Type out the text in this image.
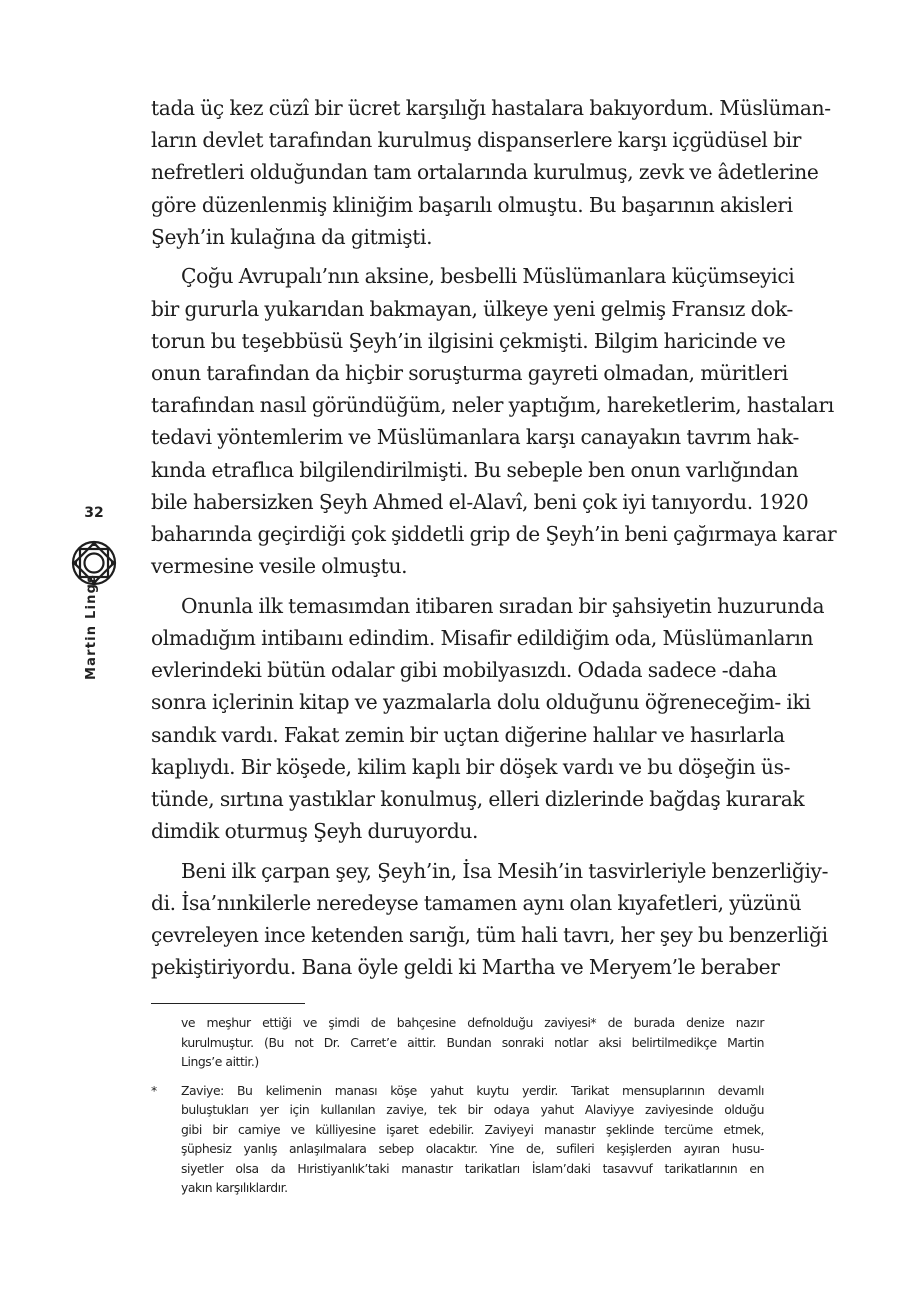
tada üç kez cüzî bir ücret karşılığı hastalara bakıyordum. Müslüman-
ların devlet tarafından kurulmuş dispanserlere karşı içgüdüsel bir
nefretleri olduğundan tam ortalarında kurulmuş, zevk ve âdetlerine
göre düzenlenmiş kliniğim başarılı olmuştu. Bu başarının akisleri
Şeyh’in kulağına da gitmişti.
Çoğu Avrupalı’nın aksine, besbelli Müslümanlara küçümseyici
bir gururla yukarıdan bakmayan, ülkeye yeni gelmiş Fransız dok-
torun bu teşebbüsü Şeyh’in ilgisini çekmişti. Bilgim haricinde ve
onun tarafından da hiçbir soruşturma gayreti olmadan, müritleri
tarafından nasıl göründüğüm, neler yaptığım, hareketlerim, hastaları
tedavi yöntemlerim ve Müslümanlara karşı canayakın tavrım hak-
kında etraflıca bilgilendirilmişti. Bu sebeple ben onun varlığından
bile habersizken Şeyh Ahmed el-Alavî, beni çok iyi tanıyordu. 1920
baharında geçirdiği çok şiddetli grip de Şeyh’in beni çağırmaya karar
vermesine vesile olmuştu.
Onunla ilk temasımdan itibaren sıradan bir şahsiyetin huzurunda
olmadığım intibaını edindim. Misafir edildiğim oda, Müslümanların
evlerindeki bütün odalar gibi mobilyasızdı. Odada sadece -daha
sonra içlerinin kitap ve yazmalarla dolu olduğunu öğreneceğim- iki
sandık vardı. Fakat zemin bir uçtan diğerine halılar ve hasırlarla
kaplıydı. Bir köşede, kilim kaplı bir döşek vardı ve bu döşeğin üs-
tünde, sırtına yastıklar konulmuş, elleri dizlerinde bağdaş kurarak
dimdik oturmuş Şeyh duruyordu.
Beni ilk çarpan şey, Şeyh’in, İsa Mesih’in tasvirleriyle benzerliğiy-
di. İsa’nınkilerle neredeyse tamamen aynı olan kıyafetleri, yüzünü
çevreleyen ince ketenden sarığı, tüm hali tavrı, her şey bu benzerliği
pekiştiriyordu. Bana öyle geldi ki Martha ve Meryem’le beraber
32
Martin Lings
ve meşhur ettiği ve şimdi de bahçesine defnolduğu zaviyesi* de burada denize nazır
kurulmuştur. (Bu not Dr. Carret’e aittir. Bundan sonraki notlar aksi belirtilmedikçe Martin
Lings’e aittir.)
* Zaviye: Bu kelimenin manası köşe yahut kuytu yerdir. Tarikat mensuplarının devamlı
buluştukları yer için kullanılan zaviye, tek bir odaya yahut Alaviyye zaviyesinde olduğu
gibi bir camiye ve külliyesine işaret edebilir. Zaviyeyi manastır şeklinde tercüme etmek,
şüphesiz yanlış anlaşılmalara sebep olacaktır. Yine de, sufileri keşişlerden ayıran husu-
siyetler olsa da Hıristiyanlık’taki manastır tarikatları İslam’daki tasavvuf tarikatlarının en
yakın karşılıklardır.
